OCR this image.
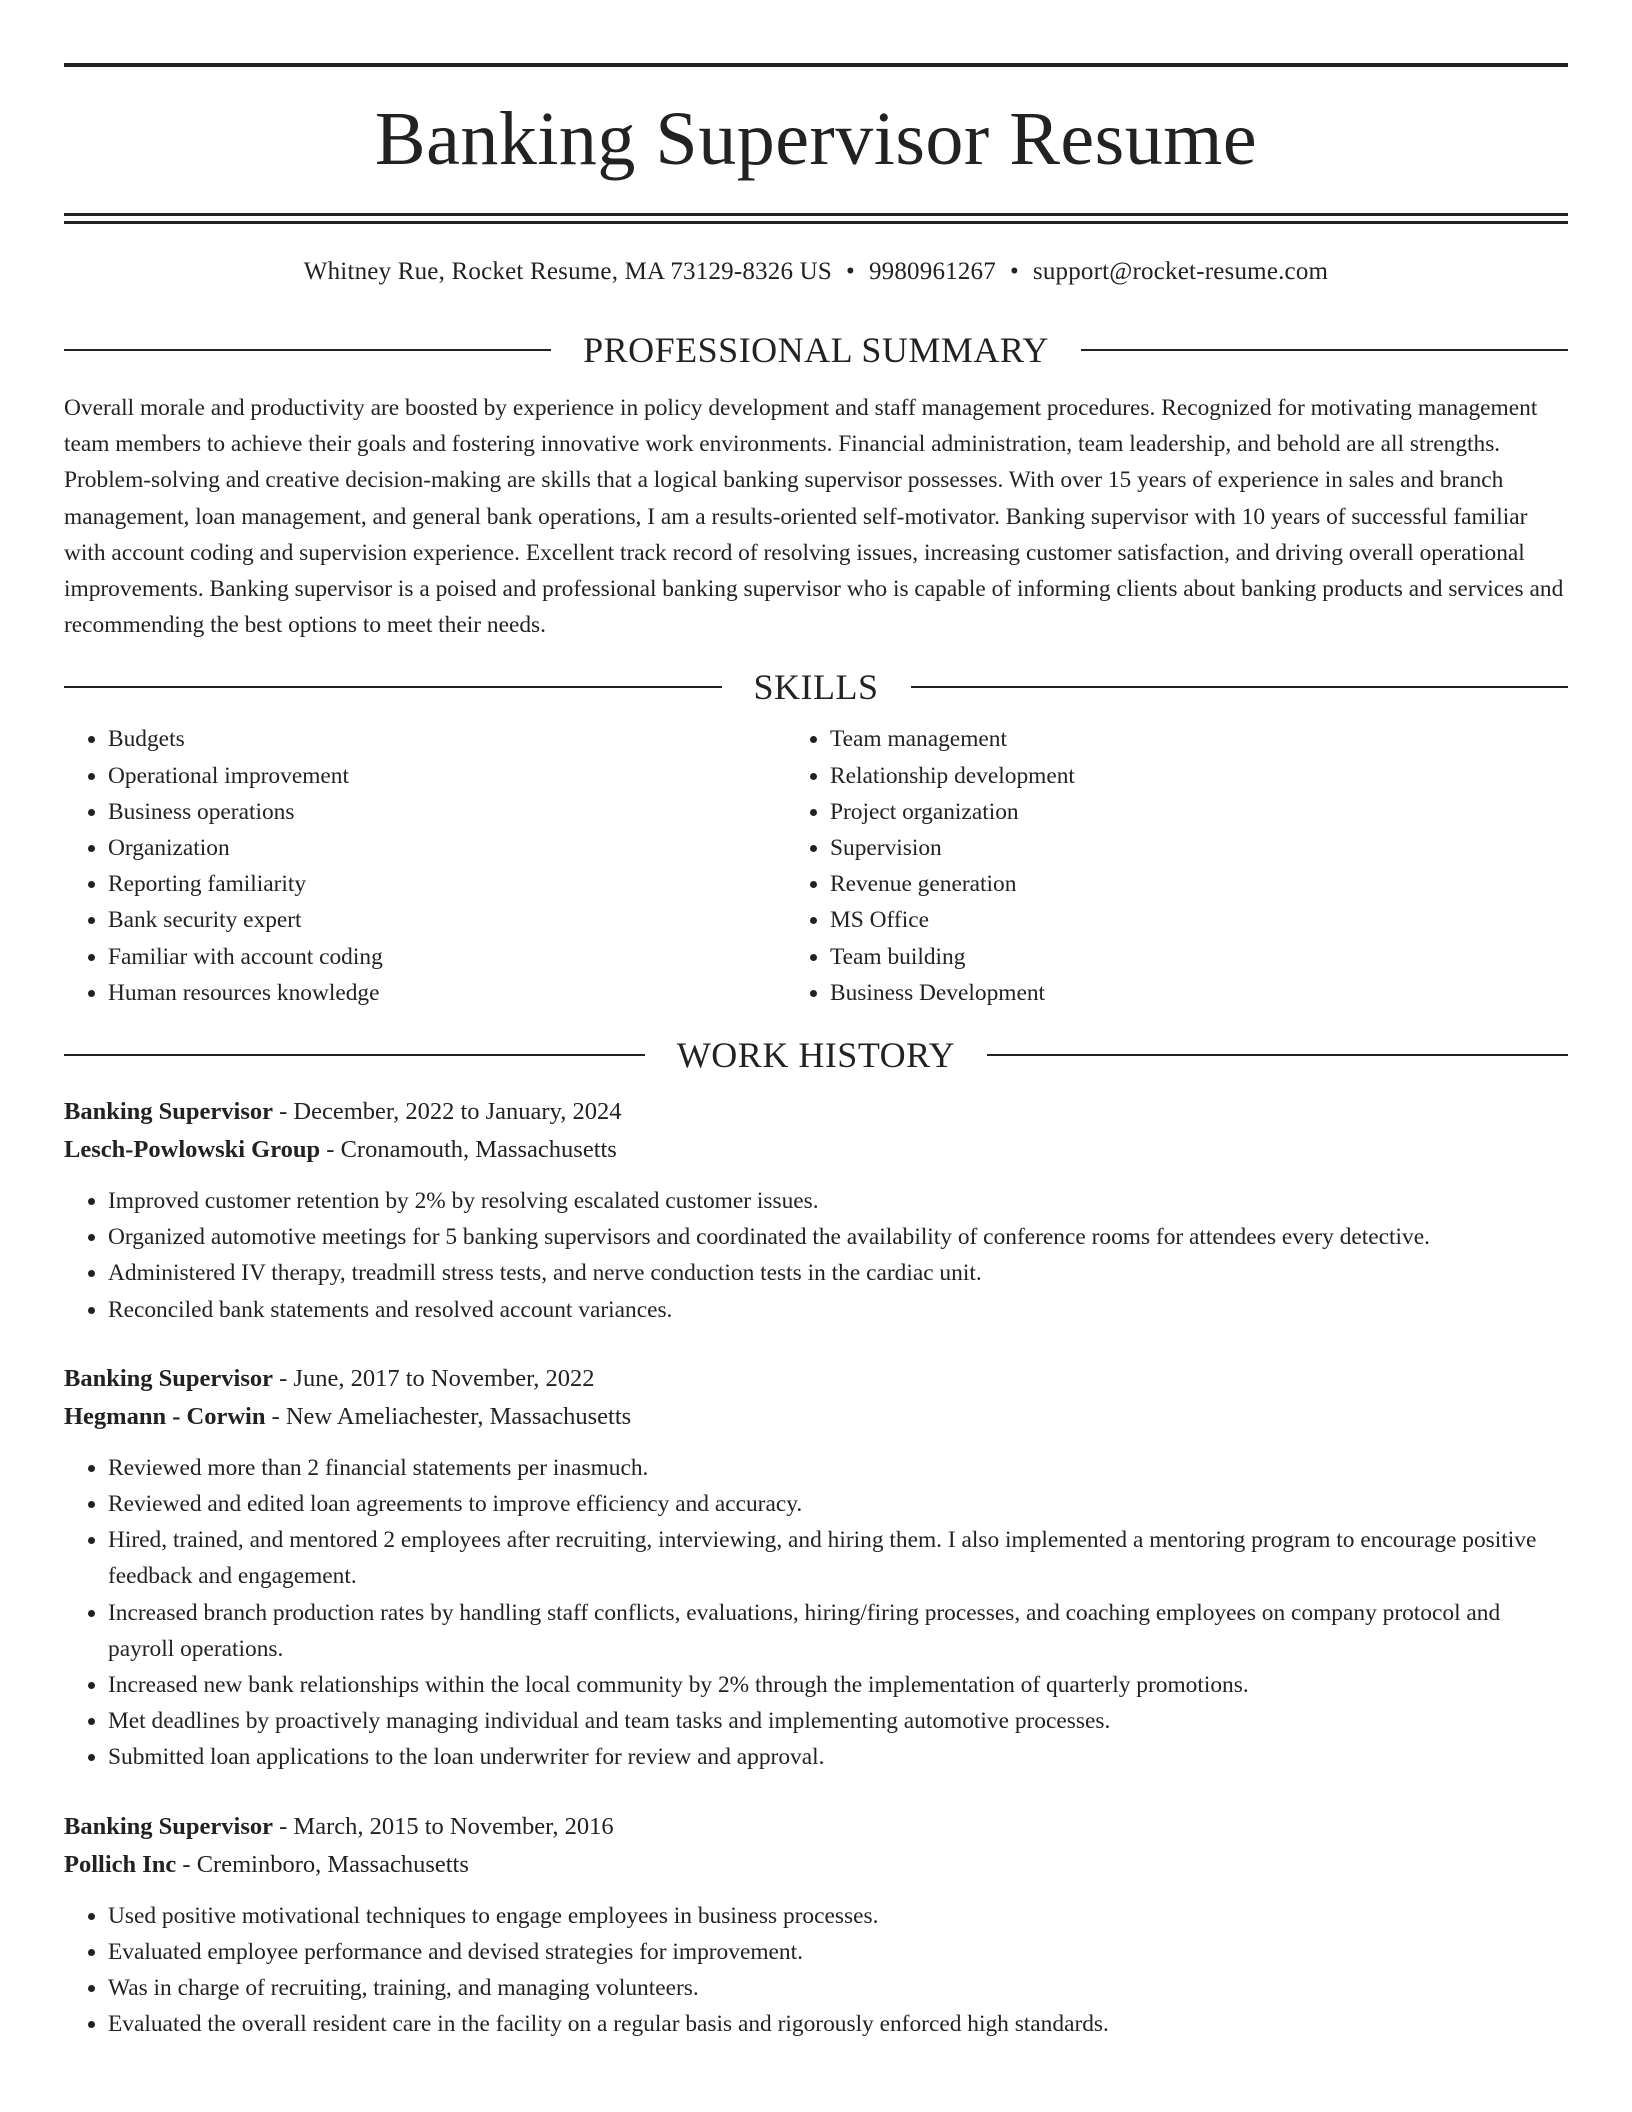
Banking Supervisor Resume
Whitney Rue, Rocket Resume, MA 73129-8326 US • 9980961267 • support@rocket-resume.com
PROFESSIONAL SUMMARY
Overall morale and productivity are boosted by experience in policy development and staff management procedures. Recognized for motivating management team members to achieve their goals and fostering innovative work environments. Financial administration, team leadership, and behold are all strengths. Problem-solving and creative decision-making are skills that a logical banking supervisor possesses. With over 15 years of experience in sales and branch management, loan management, and general bank operations, I am a results-oriented self-motivator. Banking supervisor with 10 years of successful familiar with account coding and supervision experience. Excellent track record of resolving issues, increasing customer satisfaction, and driving overall operational improvements. Banking supervisor is a poised and professional banking supervisor who is capable of informing clients about banking products and services and recommending the best options to meet their needs.
SKILLS
• Budgets
• Operational improvement
• Business operations
• Organization
• Reporting familiarity
• Bank security expert
• Familiar with account coding
• Human resources knowledge
• Team management
• Relationship development
• Project organization
• Supervision
• Revenue generation
• MS Office
• Team building
• Business Development
WORK HISTORY
Banking Supervisor - December, 2022 to January, 2024
Lesch-Powlowski Group - Cronamouth, Massachusetts
• Improved customer retention by 2% by resolving escalated customer issues.
• Organized automotive meetings for 5 banking supervisors and coordinated the availability of conference rooms for attendees every detective.
• Administered IV therapy, treadmill stress tests, and nerve conduction tests in the cardiac unit.
• Reconciled bank statements and resolved account variances.
Banking Supervisor - June, 2017 to November, 2022
Hegmann - Corwin - New Ameliachester, Massachusetts
• Reviewed more than 2 financial statements per inasmuch.
• Reviewed and edited loan agreements to improve efficiency and accuracy.
• Hired, trained, and mentored 2 employees after recruiting, interviewing, and hiring them. I also implemented a mentoring program to encourage positive feedback and engagement.
• Increased branch production rates by handling staff conflicts, evaluations, hiring/firing processes, and coaching employees on company protocol and payroll operations.
• Increased new bank relationships within the local community by 2% through the implementation of quarterly promotions.
• Met deadlines by proactively managing individual and team tasks and implementing automotive processes.
• Submitted loan applications to the loan underwriter for review and approval.
Banking Supervisor - March, 2015 to November, 2016
Pollich Inc - Creminboro, Massachusetts
• Used positive motivational techniques to engage employees in business processes.
• Evaluated employee performance and devised strategies for improvement.
• Was in charge of recruiting, training, and managing volunteers.
• Evaluated the overall resident care in the facility on a regular basis and rigorously enforced high standards.
